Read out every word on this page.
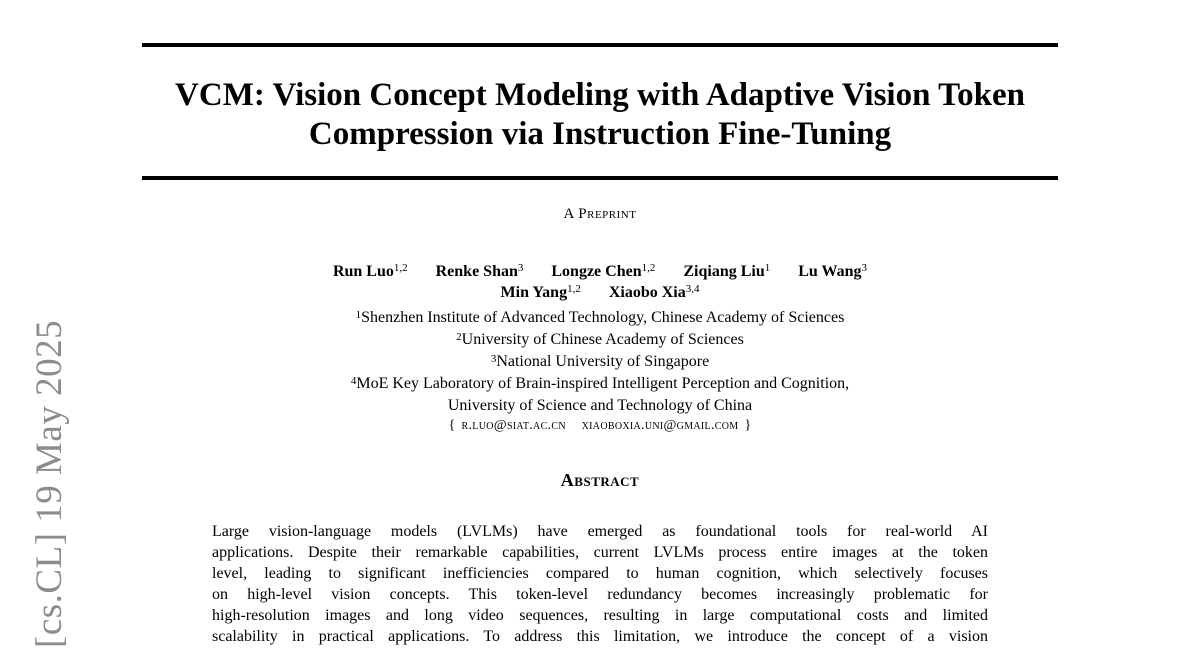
[cs.CL] 19 May 2025
VCM: Vision Concept Modeling with Adaptive Vision Token
Compression via Instruction Fine-Tuning
A Preprint
Run Luo$^{1,2}$ Renke Shan$^3$ Longze Chen$^{1,2}$ Ziqiang Liu$^1$ Lu Wang$^3$
Min Yang$^{1,2}$ Xiaobo Xia$^{3,4}$
$^1$Shenzhen Institute of Advanced Technology, Chinese Academy of Sciences
$^2$University of Chinese Academy of Sciences
$^3$National University of Singapore
$^4$MoE Key Laboratory of Brain-inspired Intelligent Perception and Cognition,
University of Science and Technology of China
{ r.luo@siat.ac.cn xiaoboxia.uni@gmail.com }
Abstract
Large vision-language models (LVLMs) have emerged as foundational tools for real-world AI
applications. Despite their remarkable capabilities, current LVLMs process entire images at the token
level, leading to significant inefficiencies compared to human cognition, which selectively focuses
on high-level vision concepts. This token-level redundancy becomes increasingly problematic for
high-resolution images and long video sequences, resulting in large computational costs and limited
scalability in practical applications. To address this limitation, we introduce the concept of a vision
